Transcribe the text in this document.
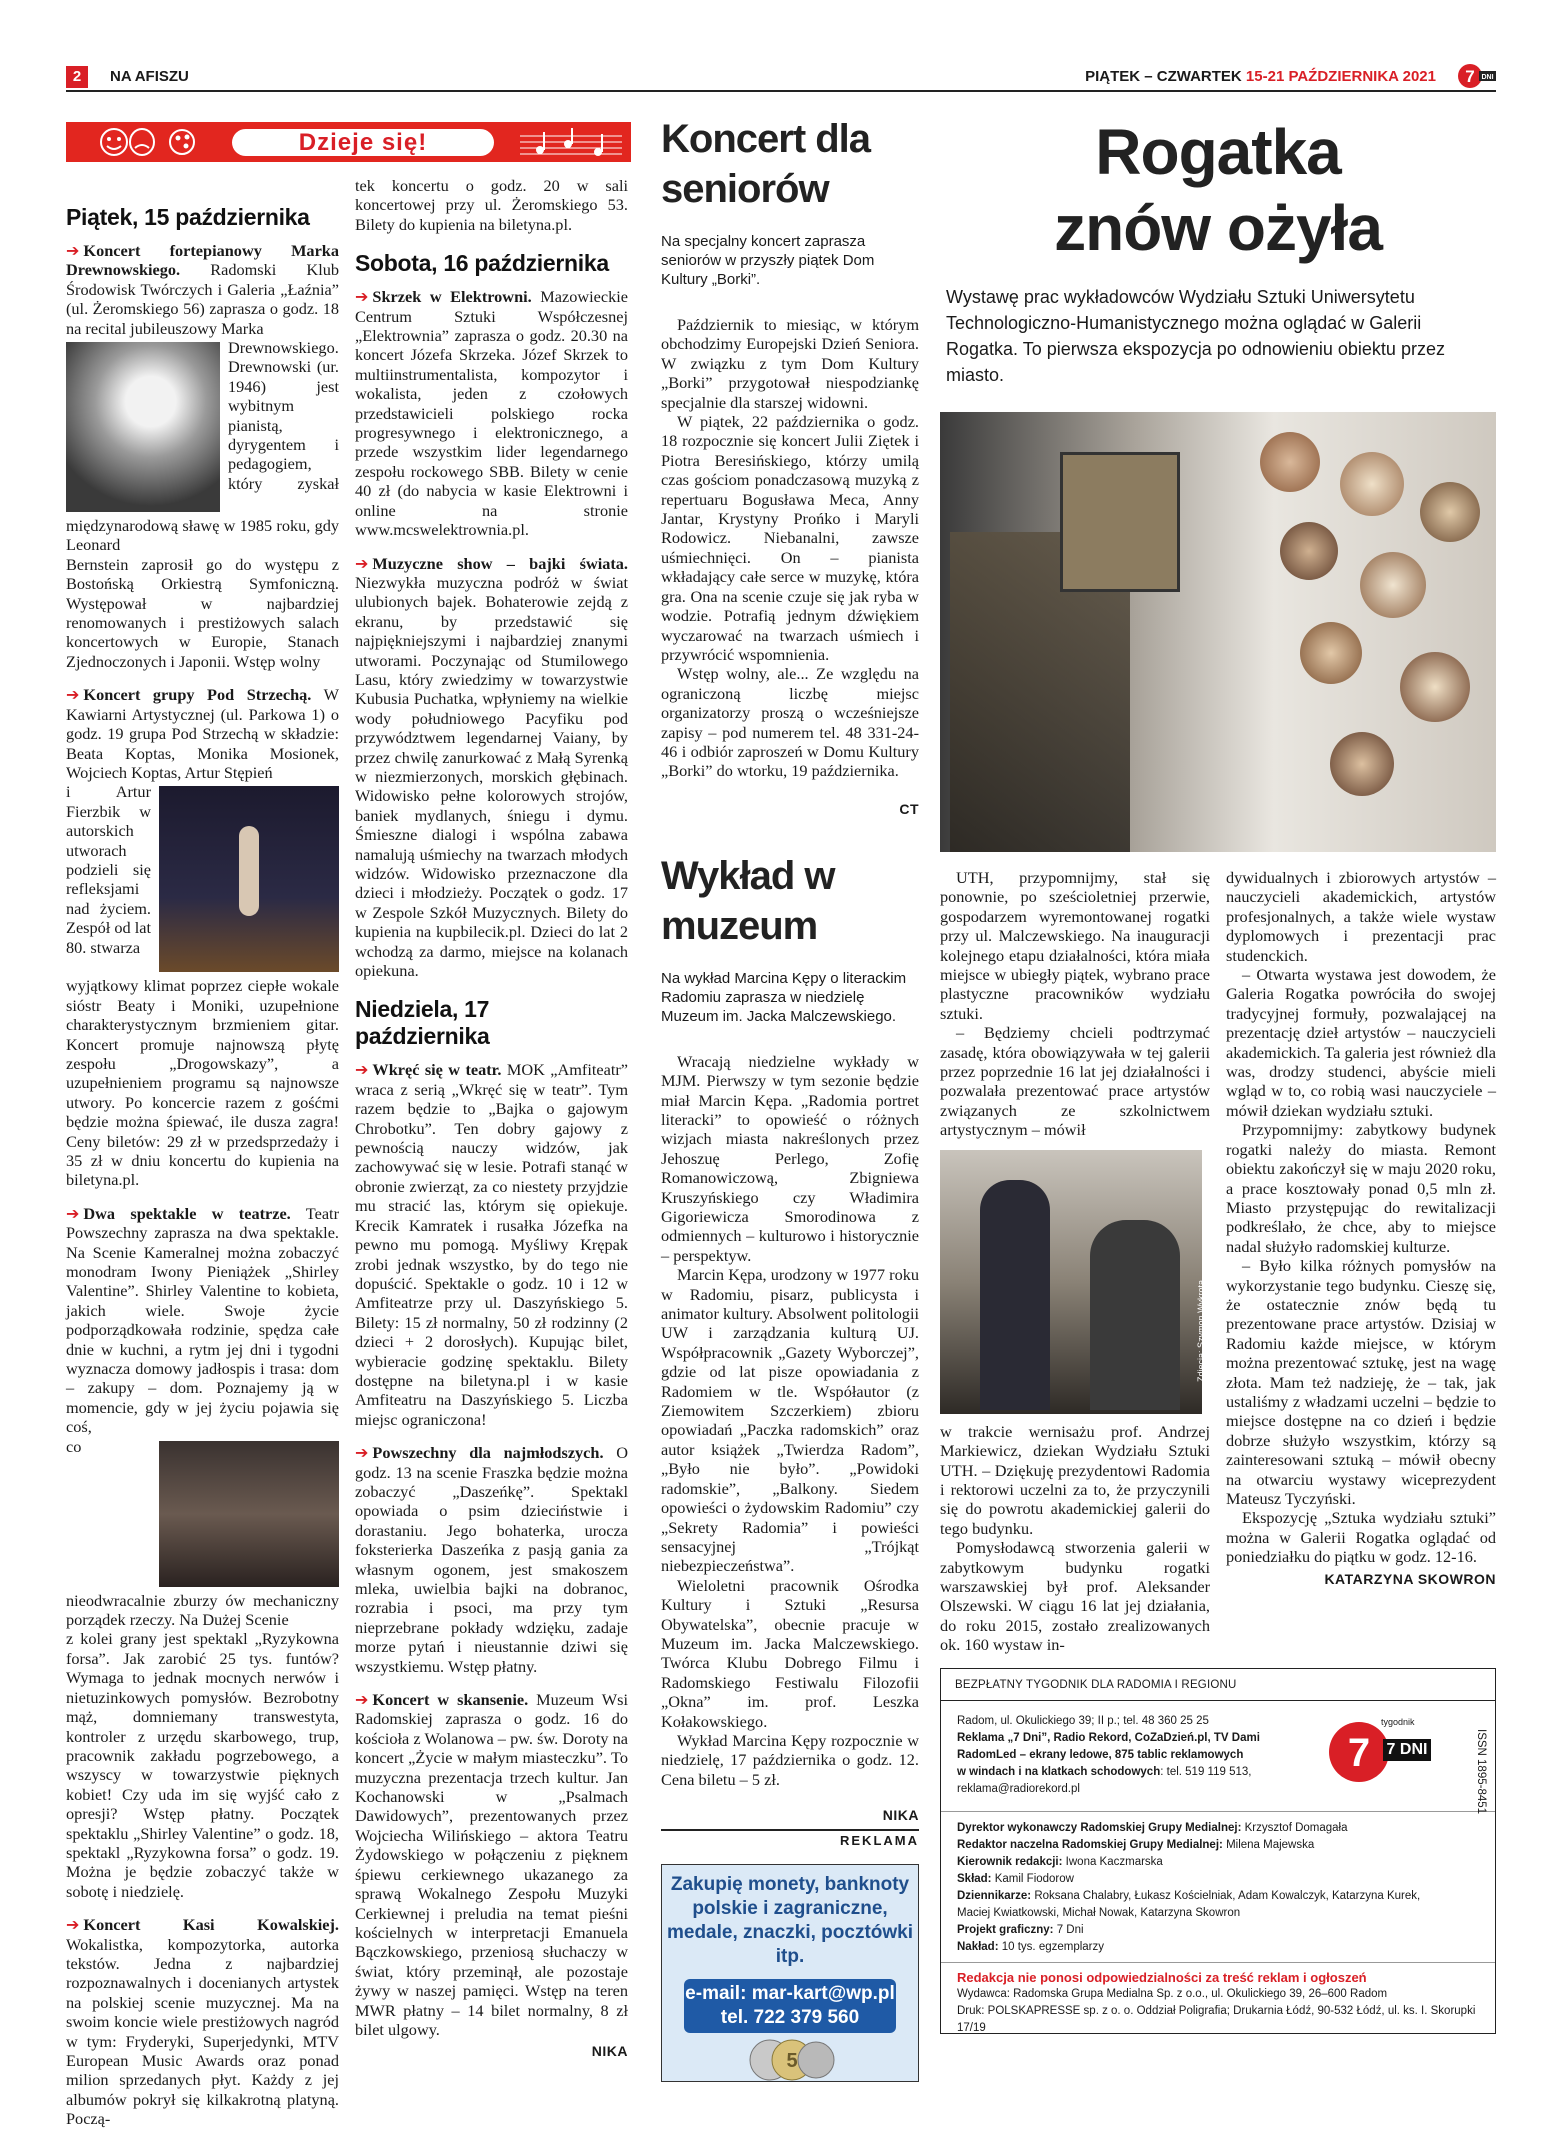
2	NA AFISZU	PIĄTEK – CZWARTEK 15-21 PAŹDZIERNIKA 2021 7 DNI
Dzieje się!
Piątek, 15 października

➔ Koncert fortepianowy Marka Drewnowskiego. Radomski Klub Środowisk Twórczych i Galeria „Łaźnia” (ul. Żeromskiego 56) zaprasza o godz. 18 na recital jubileuszowy Marka

Drewnowskiego. Drewnowski (ur. 1946) jest wybitnym pianistą, dyrygentem i pedagogiem, który zyskał międzynarodową sławę w 1985 roku, gdy Leonard

Bernstein zaprosił go do występu z Bostońską Orkiestrą Symfoniczną. Występował w najbardziej renomowanych i prestiżowych salach koncertowych w Europie, Stanach Zjednoczonych i Japonii. Wstęp wolny

➔ Koncert grupy Pod Strzechą. W Kawiarni Artystycznej (ul. Parkowa 1) o godz. 19 grupa Pod Strzechą w składzie: Beata Koptas, Monika Mosionek, Wojciech Koptas, Artur Stępień

i Artur Fierzbik w autorskich utworach podzieli się refleksjami nad życiem. Zespół od lat 80. stwarza

wyjątkowy klimat poprzez ciepłe wokale sióstr Beaty i Moniki, uzupełnione charakterystycznym brzmieniem gitar. Koncert promuje najnowszą płytę zespołu „Drogowskazy”, a uzupełnieniem programu są najnowsze utwory. Po koncercie razem z gośćmi będzie można śpiewać, ile dusza zagra! Ceny biletów: 29 zł w przedsprzedaży i 35 zł w dniu koncertu do kupienia na biletyna.pl.

➔ Dwa spektakle w teatrze. Teatr Powszechny zaprasza na dwa spektakle. Na Scenie Kameralnej można zobaczyć monodram Iwony Pieniążek „Shirley Valentine”. Shirley Valentine to kobieta, jakich wiele. Swoje życie podporządkowała rodzinie, spędza całe dnie w kuchni, a rytm jej dni i tygodni wyznacza domowy jadłospis i trasa: dom – zakupy – dom. Poznajemy ją w momencie, gdy w jej życiu pojawia się coś,

co nieodwracalnie zburzy ów mechaniczny porządek rzeczy. Na Dużej Scenie

z kolei grany jest spektakl „Ryzykowna forsa”. Jak zarobić 25 tys. funtów? Wymaga to jednak mocnych nerwów i nietuzinkowych pomysłów. Bezrobotny mąż, domniemany transwestyta, kontroler z urzędu skarbowego, trup, pracownik zakładu pogrzebowego, a wszyscy w towarzystwie pięknych kobiet! Czy uda im się wyjść cało z opresji? Wstęp płatny. Początek spektaklu „Shirley Valentine” o godz. 18, spektakl „Ryzykowna forsa” o godz. 19. Można je będzie zobaczyć także w sobotę i niedzielę.

➔ Koncert Kasi Kowalskiej. Wokalistka, kompozytorka, autorka tekstów. Jedna z najbardziej rozpoznawalnych i docenianych artystek na polskiej scenie muzycznej. Ma na swoim koncie wiele prestiżowych nagród w tym: Fryderyki, Superjedynki, MTV European Music Awards oraz ponad milion sprzedanych płyt. Każdy z jej albumów pokrył się kilkakrotną platyną. Począ-

tek koncertu o godz. 20 w sali koncertowej przy ul. Żeromskiego 53. Bilety do kupienia na biletyna.pl.

Sobota, 16 października

➔ Skrzek w Elektrowni. Mazowieckie Centrum Sztuki Współczesnej „Elektrownia” zaprasza o godz. 20.30 na koncert Józefa Skrzeka. Józef Skrzek to multiinstrumentalista, kompozytor i wokalista, jeden z czołowych przedstawicieli polskiego rocka progresywnego i elektronicznego, a przede wszystkim lider legendarnego zespołu rockowego SBB. Bilety w cenie 40 zł (do nabycia w kasie Elektrowni i online na stronie www.mcswelektrownia.pl.

➔ Muzyczne show – bajki świata. Niezwykła muzyczna podróż w świat ulubionych bajek. Bohaterowie zejdą z ekranu, by przedstawić się najpiękniejszymi i najbardziej znanymi utworami. Poczynając od Stumilowego Lasu, który zwiedzimy w towarzystwie Kubusia Puchatka, wpłyniemy na wielkie wody południowego Pacyfiku pod przywództwem legendarnej Vaiany, by przez chwilę zanurkować z Małą Syrenką w niezmierzonych, morskich głębinach. Widowisko pełne kolorowych strojów, baniek mydlanych, śniegu i dymu. Śmieszne dialogi i wspólna zabawa namalują uśmiechy na twarzach młodych widzów. Widowisko przeznaczone dla dzieci i młodzieży. Początek o godz. 17 w Zespole Szkół Muzycznych. Bilety do kupienia na kupbilecik.pl. Dzieci do lat 2 wchodzą za darmo, miejsce na kolanach opiekuna.

Niedziela, 17 października

➔ Wkręć się w teatr. MOK „Amfiteatr” wraca z serią „Wkręć się w teatr”. Tym razem będzie to „Bajka o gajowym Chrobotku”. Ten dobry gajowy z pewnością nauczy widzów, jak zachowywać się w lesie. Potrafi stanąć w obronie zwierząt, za co niestety przyjdzie mu stracić las, którym się opiekuje. Krecik Kamratek i rusałka Józefka na pewno mu pomogą. Myśliwy Krępak zrobi jednak wszystko, by do tego nie dopuścić. Spektakle o godz. 10 i 12 w Amfiteatrze przy ul. Daszyńskiego 5. Bilety: 15 zł normalny, 50 zł rodzinny (2 dzieci + 2 dorosłych). Kupując bilet, wybieracie godzinę spektaklu. Bilety dostępne na biletyna.pl i w kasie Amfiteatru na Daszyńskiego 5. Liczba miejsc ograniczona!

➔ Powszechny dla najmłodszych. O godz. 13 na scenie Fraszka będzie można zobaczyć „Daszeńkę”. Spektakl opowiada o psim dzieciństwie i dorastaniu. Jego bohaterka, urocza foksterierka Daszeńka z pasją gania za własnym ogonem, jest smakoszem mleka, uwielbia bajki na dobranoc, rozrabia i psoci, ma przy tym nieprzebrane pokłady wdzięku, zadaje morze pytań i nieustannie dziwi się wszystkiemu. Wstęp płatny.

➔ Koncert w skansenie. Muzeum Wsi Radomskiej zaprasza o godz. 16 do kościoła z Wolanowa – pw. św. Doroty na koncert „Życie w małym miasteczku”. To muzyczna prezentacja trzech kultur. Jan Kochanowski w „Psalmach Dawidowych”, prezentowanych przez Wojciecha Wilińskiego – aktora Teatru Żydowskiego w połączeniu z pięknem śpiewu cerkiewnego ukazanego za sprawą Wokalnego Zespołu Muzyki Cerkiewnej i preludia na temat pieśni kościelnych w interpretacji Emanuela Bączkowskiego, przeniosą słuchaczy w świat, który przeminął, ale pozostaje żywy w naszej pamięci. Wstęp na teren MWR płatny – 14 bilet normalny, 8 zł bilet ulgowy.

NIKA
Koncert dla seniorów
Na specjalny koncert zaprasza seniorów w przyszły piątek Dom Kultury „Borki”.

Październik to miesiąc, w którym obchodzimy Europejski Dzień Seniora. W związku z tym Dom Kultury „Borki” przygotował niespodziankę specjalnie dla starszej widowni.

W piątek, 22 października o godz. 18 rozpocznie się koncert Julii Ziętek i Piotra Beresińskiego, którzy umilą czas gościom ponadczasową muzyką z repertuaru Bogusława Meca, Anny Jantar, Krystyny Prońko i Maryli Rodowicz. Niebanalni, zawsze uśmiechnięci. On – pianista wkładający całe serce w muzykę, która gra. Ona na scenie czuje się jak ryba w wodzie. Potrafią jednym dźwiękiem wyczarować na twarzach uśmiech i przywrócić wspomnienia.

Wstęp wolny, ale... Ze względu na ograniczoną liczbę miejsc organizatorzy proszą o wcześniejsze zapisy – pod numerem tel. 48 331-24-46 i odbiór zaproszeń w Domu Kultury „Borki” do wtorku, 19 października.

CT
Wykład w muzeum
Na wykład Marcina Kępy o literackim Radomiu zaprasza w niedzielę Muzeum im. Jacka Malczewskiego.

Wracają niedzielne wykłady w MJM. Pierwszy w tym sezonie będzie miał Marcin Kępa. „Radomia portret literacki” to opowieść o różnych wizjach miasta nakreślonych przez Jehoszuę Perlego, Zofię Romanowiczową, Zbigniewa Kruszyńskiego czy Władimira Gigoriewicza Smorodinowa z odmiennych – kulturowo i historycznie – perspektyw.

Marcin Kępa, urodzony w 1977 roku w Radomiu, pisarz, publicysta i animator kultury. Absolwent politologii UW i zarządzania kulturą UJ. Współpracownik „Gazety Wyborczej”, gdzie od lat pisze opowiadania z Radomiem w tle. Współautor (z Ziemowitem Szczerkiem) zbioru opowiadań „Paczka radomskich” oraz autor książek „Twierdza Radom”, „Było nie było”. „Powidoki radomskie”, „Balkony. Siedem opowieści o żydowskim Radomiu” czy „Sekrety Radomia” i powieści sensacyjnej „Trójkąt niebezpieczeństwa”.

Wieloletni pracownik Ośrodka Kultury i Sztuki „Resursa Obywatelska”, obecnie pracuje w Muzeum im. Jacka Malczewskiego. Twórca Klubu Dobrego Filmu i Radomskiego Festiwalu Filozofii „Okna” im. prof. Leszka Kołakowskiego.

Wykład Marcina Kępy rozpocznie w niedzielę, 17 października o godz. 12. Cena biletu – 5 zł.

NIKA
REKLAMA
Zakupię monety, banknoty polskie i zagraniczne, medale, znaczki, pocztówki itp.
e-mail: mar-kart@wp.pl
tel. 722 379 560
5
Rogatka
znów ożyła
Wystawę prac wykładowców Wydziału Sztuki Uniwersytetu Technologiczno-Humanistycznego można oglądać w Galerii Rogatka. To pierwsza ekspozycja po odnowieniu obiektu przez miasto.

UTH, przypomnijmy, stał się ponownie, po sześcioletniej przerwie, gospodarzem wyremontowanej rogatki przy ul. Malczewskiego. Na inauguracji kolejnego etapu działalności, która miała miejsce w ubiegły piątek, wybrano prace plastyczne pracowników wydziału sztuki.

– Będziemy chcieli podtrzymać zasadę, która obowiązywała w tej galerii przez poprzednie 16 lat jej działalności i pozwalała prezentować prace artystów związanych ze szkolnictwem artystycznym – mówił

Zdjęcia: Szymon Wykrota

w trakcie wernisażu prof. Andrzej Markiewicz, dziekan Wydziału Sztuki UTH. – Dziękuję prezydentowi Radomia i rektorowi uczelni za to, że przyczynili się do powrotu akademickiej galerii do tego budynku.

Pomysłodawcą stworzenia galerii w zabytkowym budynku rogatki warszawskiej był prof. Aleksander Olszewski. W ciągu 16 lat jej działania, do roku 2015, zostało zrealizowanych ok. 160 wystaw in-

dywidualnych i zbiorowych artystów – nauczycieli akademickich, artystów profesjonalnych, a także wiele wystaw dyplomowych i prezentacji prac studenckich.

– Otwarta wystawa jest dowodem, że Galeria Rogatka powróciła do swojej tradycyjnej formuły, pozwalającej na prezentację dzieł artystów – nauczycieli akademickich. Ta galeria jest również dla was, drodzy studenci, abyście mieli wgląd w to, co robią wasi nauczyciele – mówił dziekan wydziału sztuki.

Przypomnijmy: zabytkowy budynek rogatki należy do miasta. Remont obiektu zakończył się w maju 2020 roku, a prace kosztowały ponad 0,5 mln zł. Miasto przystępując do rewitalizacji podkreślało, że chce, aby to miejsce nadal służyło radomskiej kulturze.

– Było kilka różnych pomysłów na wykorzystanie tego budynku. Cieszę się, że ostatecznie znów będą tu prezentowane prace artystów. Dzisiaj w Radomiu każde miejsce, w którym można prezentować sztukę, jest na wagę złota. Mam też nadzieję, że – tak, jak ustaliśmy z władzami uczelni – będzie to miejsce dostępne na co dzień i będzie dobrze służyło wszystkim, którzy są zainteresowani sztuką – mówił obecny na otwarciu wystawy wiceprezydent Mateusz Tyczyński.

Ekspozycję „Sztuka wydziału sztuki” można w Galerii Rogatka oglądać od poniedziałku do piątku w godz. 12-16.

KATARZYNA SKOWRON
BEZPŁATNY TYGODNIK DLA RADOMIA I REGIONU
ISSN 1895-8451
Radom, ul. Okulickiego 39; II p.; tel. 48 360 25 25
Reklama „7 Dni”, Radio Rekord, CoZaDzień.pl, TV Dami
RadomLed – ekrany ledowe, 875 tablic reklamowych
w windach i na klatkach schodowych: tel. 519 119 513,
reklama@radiorekord.pl
tygodnik
7 7 DNI
Dyrektor wykonawczy Radomskiej Grupy Medialnej: Krzysztof Domagała
Redaktor naczelna Radomskiej Grupy Medialnej: Milena Majewska
Kierownik redakcji: Iwona Kaczmarska
Skład: Kamil Fiodorow
Dziennikarze: Roksana Chalabry, Łukasz Kościelniak, Adam Kowalczyk, Katarzyna Kurek,
Maciej Kwiatkowski, Michał Nowak, Katarzyna Skowron
Projekt graficzny: 7 Dni
Nakład: 10 tys. egzemplarzy
Redakcja nie ponosi odpowiedzialności za treść reklam i ogłoszeń
Wydawca: Radomska Grupa Medialna Sp. z o.o., ul. Okulickiego 39, 26–600 Radom
Druk: POLSKAPRESSE sp. z o. o. Oddział Poligrafia; Drukarnia Łódź, 90-532 Łódź, ul. ks. I. Skorupki 17/19
